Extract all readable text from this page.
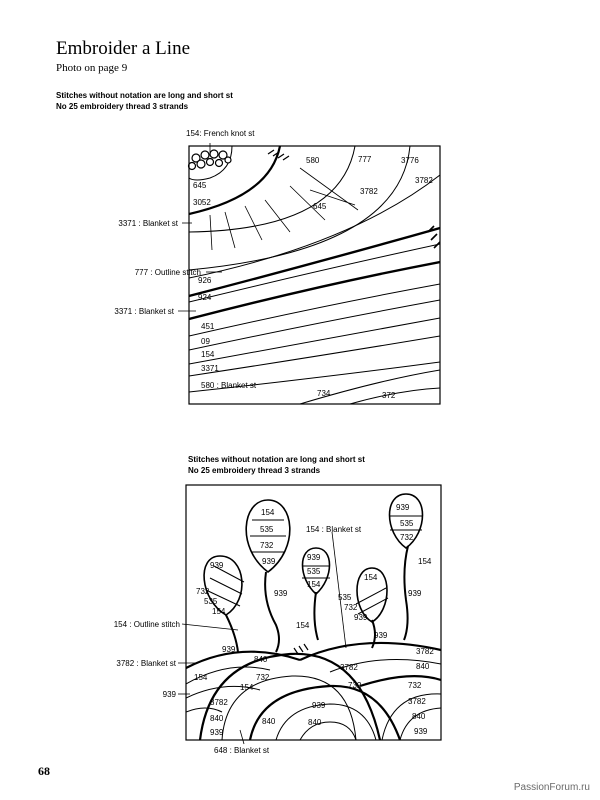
Embroider a Line
Photo on page 9
Stitches without notation are long and short st
No 25 embroidery thread 3 strands
154: French knot st
3371 : Blanket st
777 : Outline stitch
3371 : Blanket st
580	777	3776
645
3782
3782
3052	645
926
924
451
09
154
3371
580 : Blanket st
734	372
Stitches without notation are long and short st
No 25 embroidery thread 3 strands
154 : Blanket st
154 : Outline stitch
3782 : Blanket st
939
648 : Blanket st
154
535
732
939	939
535
154
154
535
732
939
939
732
535
154
939
535
732
939
154
154
939
939
939
840
732
154
154
3782
840
939
3782
732
3782
840
939
840
732
3782
840
939
840
68
PassionForum.ru
